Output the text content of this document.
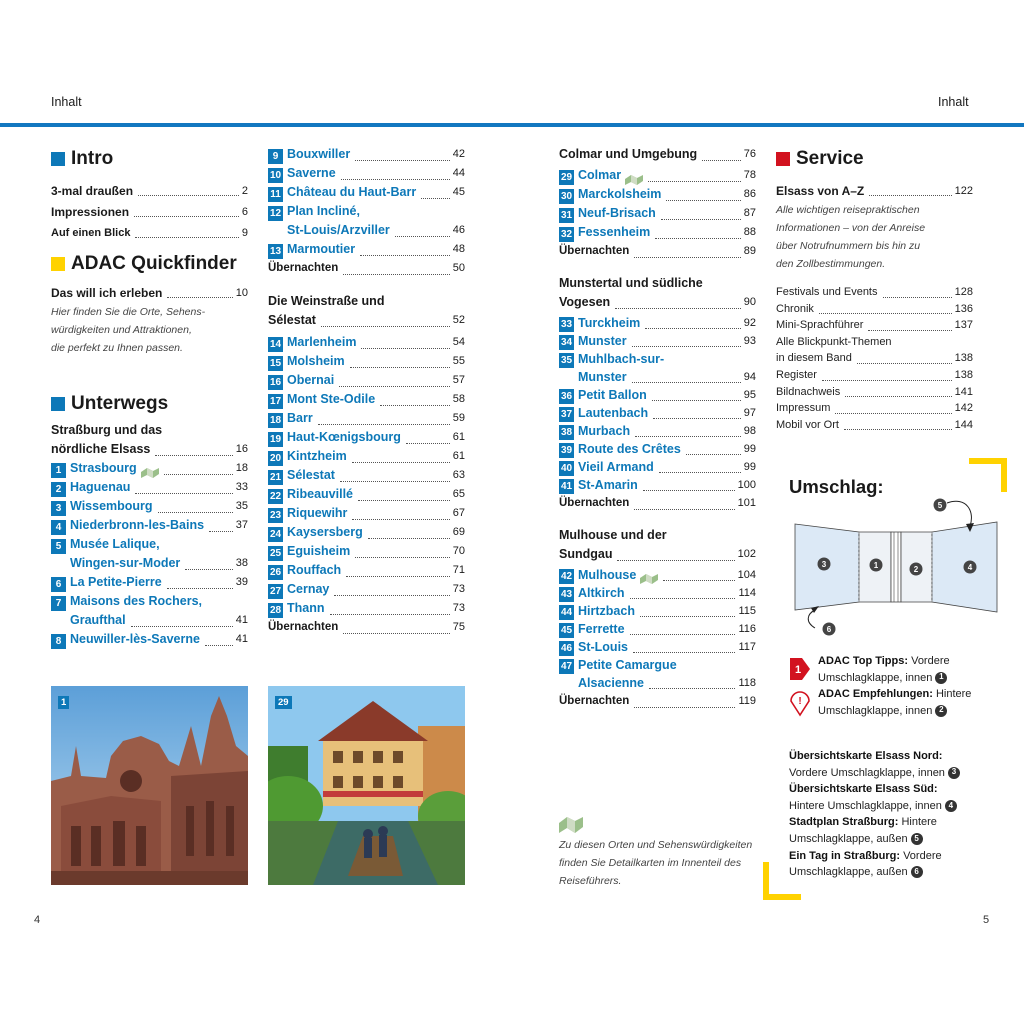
Inhalt	Inhalt
Intro
3-mal draußen	2
Impressionen	6
Auf einen Blick	9
ADAC Quickfinder
Das will ich erleben	10
Hier finden Sie die Orte, Sehens-
würdigkeiten und Attraktionen,
die perfekt zu Ihnen passen.
Unterwegs
Straßburg und das
nördliche Elsass	16
1 Strasbourg	18
2 Haguenau	33
3 Wissembourg	35
4 Niederbronn-les-Bains	37
5 Musée Lalique,
Wingen-sur-Moder	38
6 La Petite-Pierre	39
7 Maisons des Rochers,
Graufthal	41
8 Neuwiller-lès-Saverne	41
9 Bouxwiller	42
10 Saverne	44
11 Château du Haut-Barr	45
12 Plan Incliné,
St-Louis/Arzviller	46
13 Marmoutier	48
Übernachten	50
Die Weinstraße und
Sélestat	52
14 Marlenheim	54
15 Molsheim	55
16 Obernai	57
17 Mont Ste-Odile	58
18 Barr	59
19 Haut-Kœnigsbourg	61
20 Kintzheim	61
21 Sélestat	63
22 Ribeauvillé	65
23 Riquewihr	67
24 Kaysersberg	69
25 Eguisheim	70
26 Rouffach	71
27 Cernay	73
28 Thann	73
Übernachten	75
1	29
Colmar und Umgebung	76
29 Colmar	78
30 Marckolsheim	86
31 Neuf-Brisach	87
32 Fessenheim	88
Übernachten	89
Munstertal und südliche
Vogesen	90
33 Turckheim	92
34 Munster	93
35 Muhlbach-sur-
Munster	94
36 Petit Ballon	95
37 Lautenbach	97
38 Murbach	98
39 Route des Crêtes	99
40 Vieil Armand	99
41 St-Amarin	100
Übernachten	101
Mulhouse und der
Sundgau	102
42 Mulhouse	104
43 Altkirch	114
44 Hirtzbach	115
45 Ferrette	116
46 St-Louis	117
47 Petite Camargue
Alsacienne	118
Übernachten	119
Zu diesen Orten und Sehenswürdigkeiten
finden Sie Detailkarten im Innenteil des
Reiseführers.
Service
Elsass von A–Z	122
Alle wichtigen reisepraktischen
Informationen – von der Anreise
über Notrufnummern bis hin zu
den Zollbestimmungen.
Festivals und Events	128
Chronik	136
Mini-Sprachführer	137
Alle Blickpunkt-Themen
in diesem Band	138
Register	138
Bildnachweis	141
Impressum	142
Mobil vor Ort	144
Umschlag:
3	1	2	4
5
6
1
!
ADAC Top Tipps: Vordere
Umschlagklappe, innen 1
ADAC Empfehlungen: Hintere
Umschlagklappe, innen 2
Übersichtskarte Elsass Nord:
Vordere Umschlagklappe, innen 3
Übersichtskarte Elsass Süd:
Hintere Umschlagklappe, innen 4
Stadtplan Straßburg: Hintere
Umschlagklappe, außen 5
Ein Tag in Straßburg: Vordere
Umschlagklappe, außen 6
4	5
